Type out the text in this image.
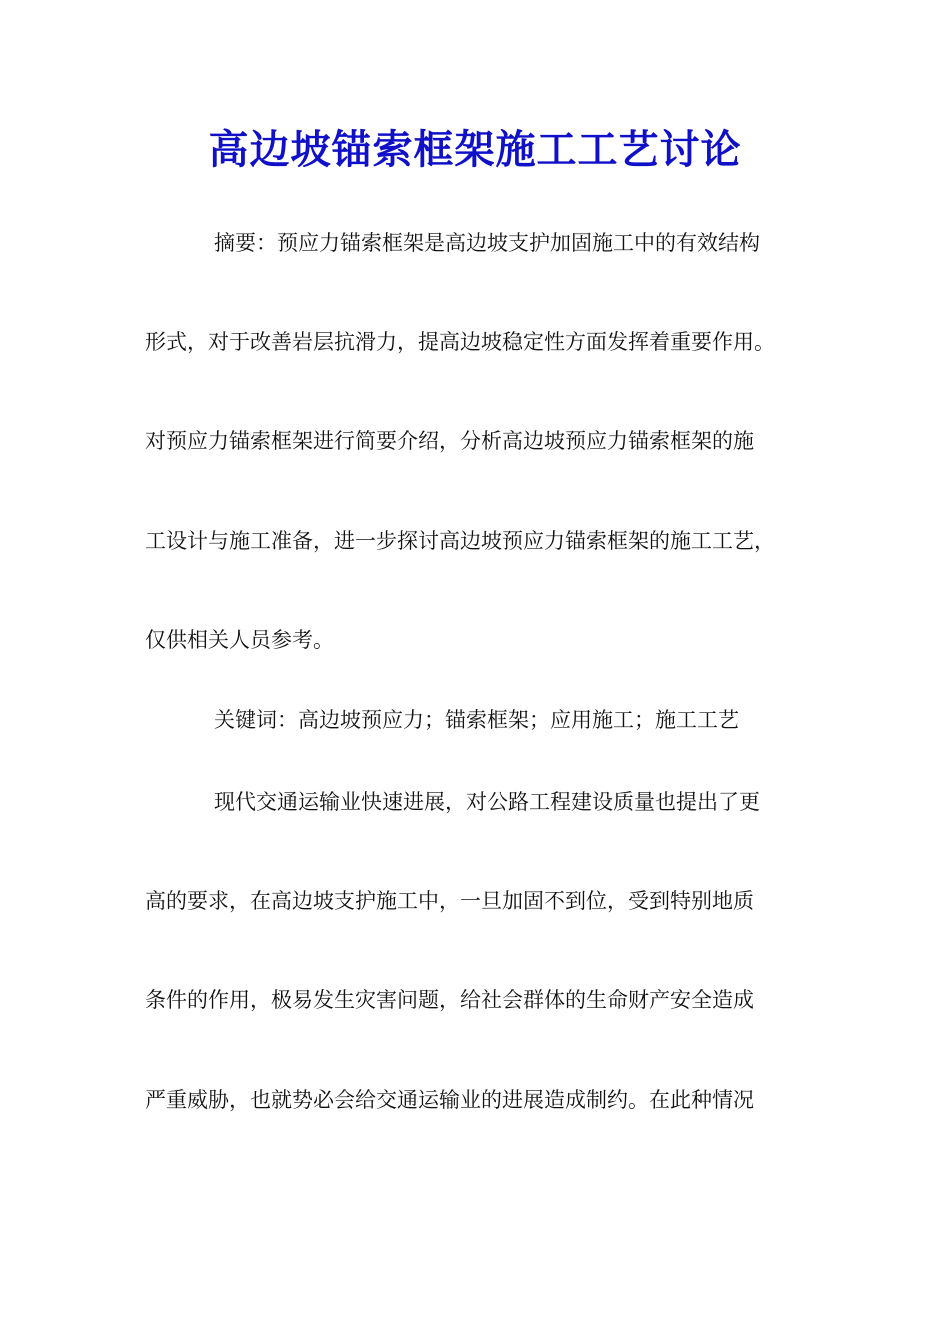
高边坡锚索框架施工工艺讨论
摘要：预应力锚索框架是高边坡支护加固施工中的有效结构
形式，对于改善岩层抗滑力，提高边坡稳定性方面发挥着重要作用。
对预应力锚索框架进行简要介绍，分析高边坡预应力锚索框架的施
工设计与施工准备，进一步探讨高边坡预应力锚索框架的施工工艺，
仅供相关人员参考。
关键词：高边坡预应力；锚索框架；应用施工；施工工艺
现代交通运输业快速进展，对公路工程建设质量也提出了更
高的要求，在高边坡支护施工中，一旦加固不到位，受到特别地质
条件的作用，极易发生灾害问题，给社会群体的生命财产安全造成
严重威胁，也就势必会给交通运输业的进展造成制约。在此种情况
